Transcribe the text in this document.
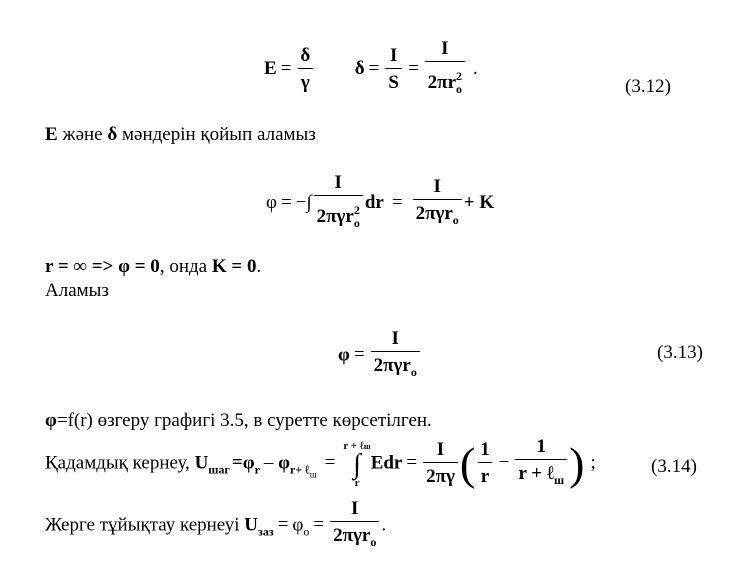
$E = \frac{\delta}{\gamma}$ $\delta = \frac{I}{S} = \frac{I}{2\pi r_o^2}$ .
(3.12)
E және δ мәндерін қойып аламыз
φ = −∫ $\frac{I}{2\pi\gamma r_o^2}$ dr = $\frac{I}{2\pi\gamma r_o} + K$
r = ∞ => φ = 0, онда K = 0.
Аламыз
$\varphi = \frac{I}{2\pi\gamma r_o}$	(3.13)
φ=f(r) өзгеру графигі 3.5, в суретте көрсетілген.
Қадамдық кернеу, $U_{шаг} =\varphi_r - \varphi_{r+ \ell ш}=$
r + ℓш
∫
r
Edr = $\frac{I}{2\pi\gamma}$ ( $\frac{1}{r} - \frac{1}{r + \ell_ш}$ ) ;	(3.14)
Жерге тұйықтау кернеуі $U_{заз} = \varphi_o = \frac{I}{2\pi\gamma r_o}$ .
